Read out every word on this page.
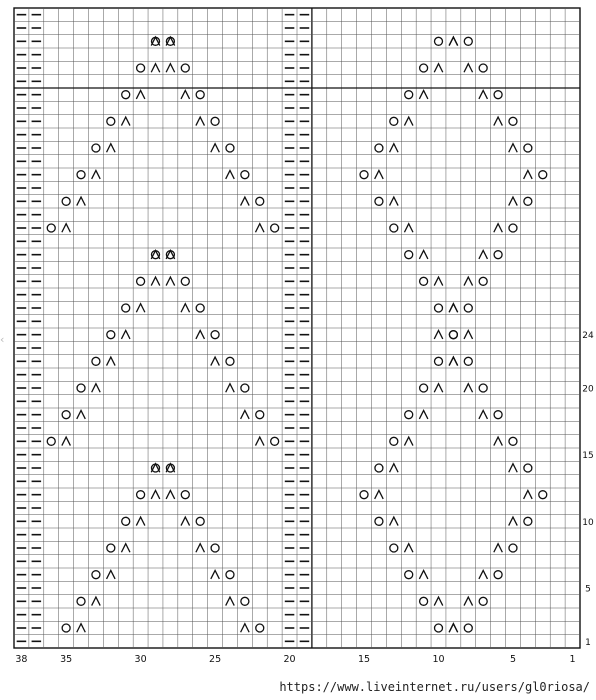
38	35	30	25	20	15	10	5	1
1
5
10
15
20
24
‹
https://www.liveinternet.ru/users/gl0riosa/
